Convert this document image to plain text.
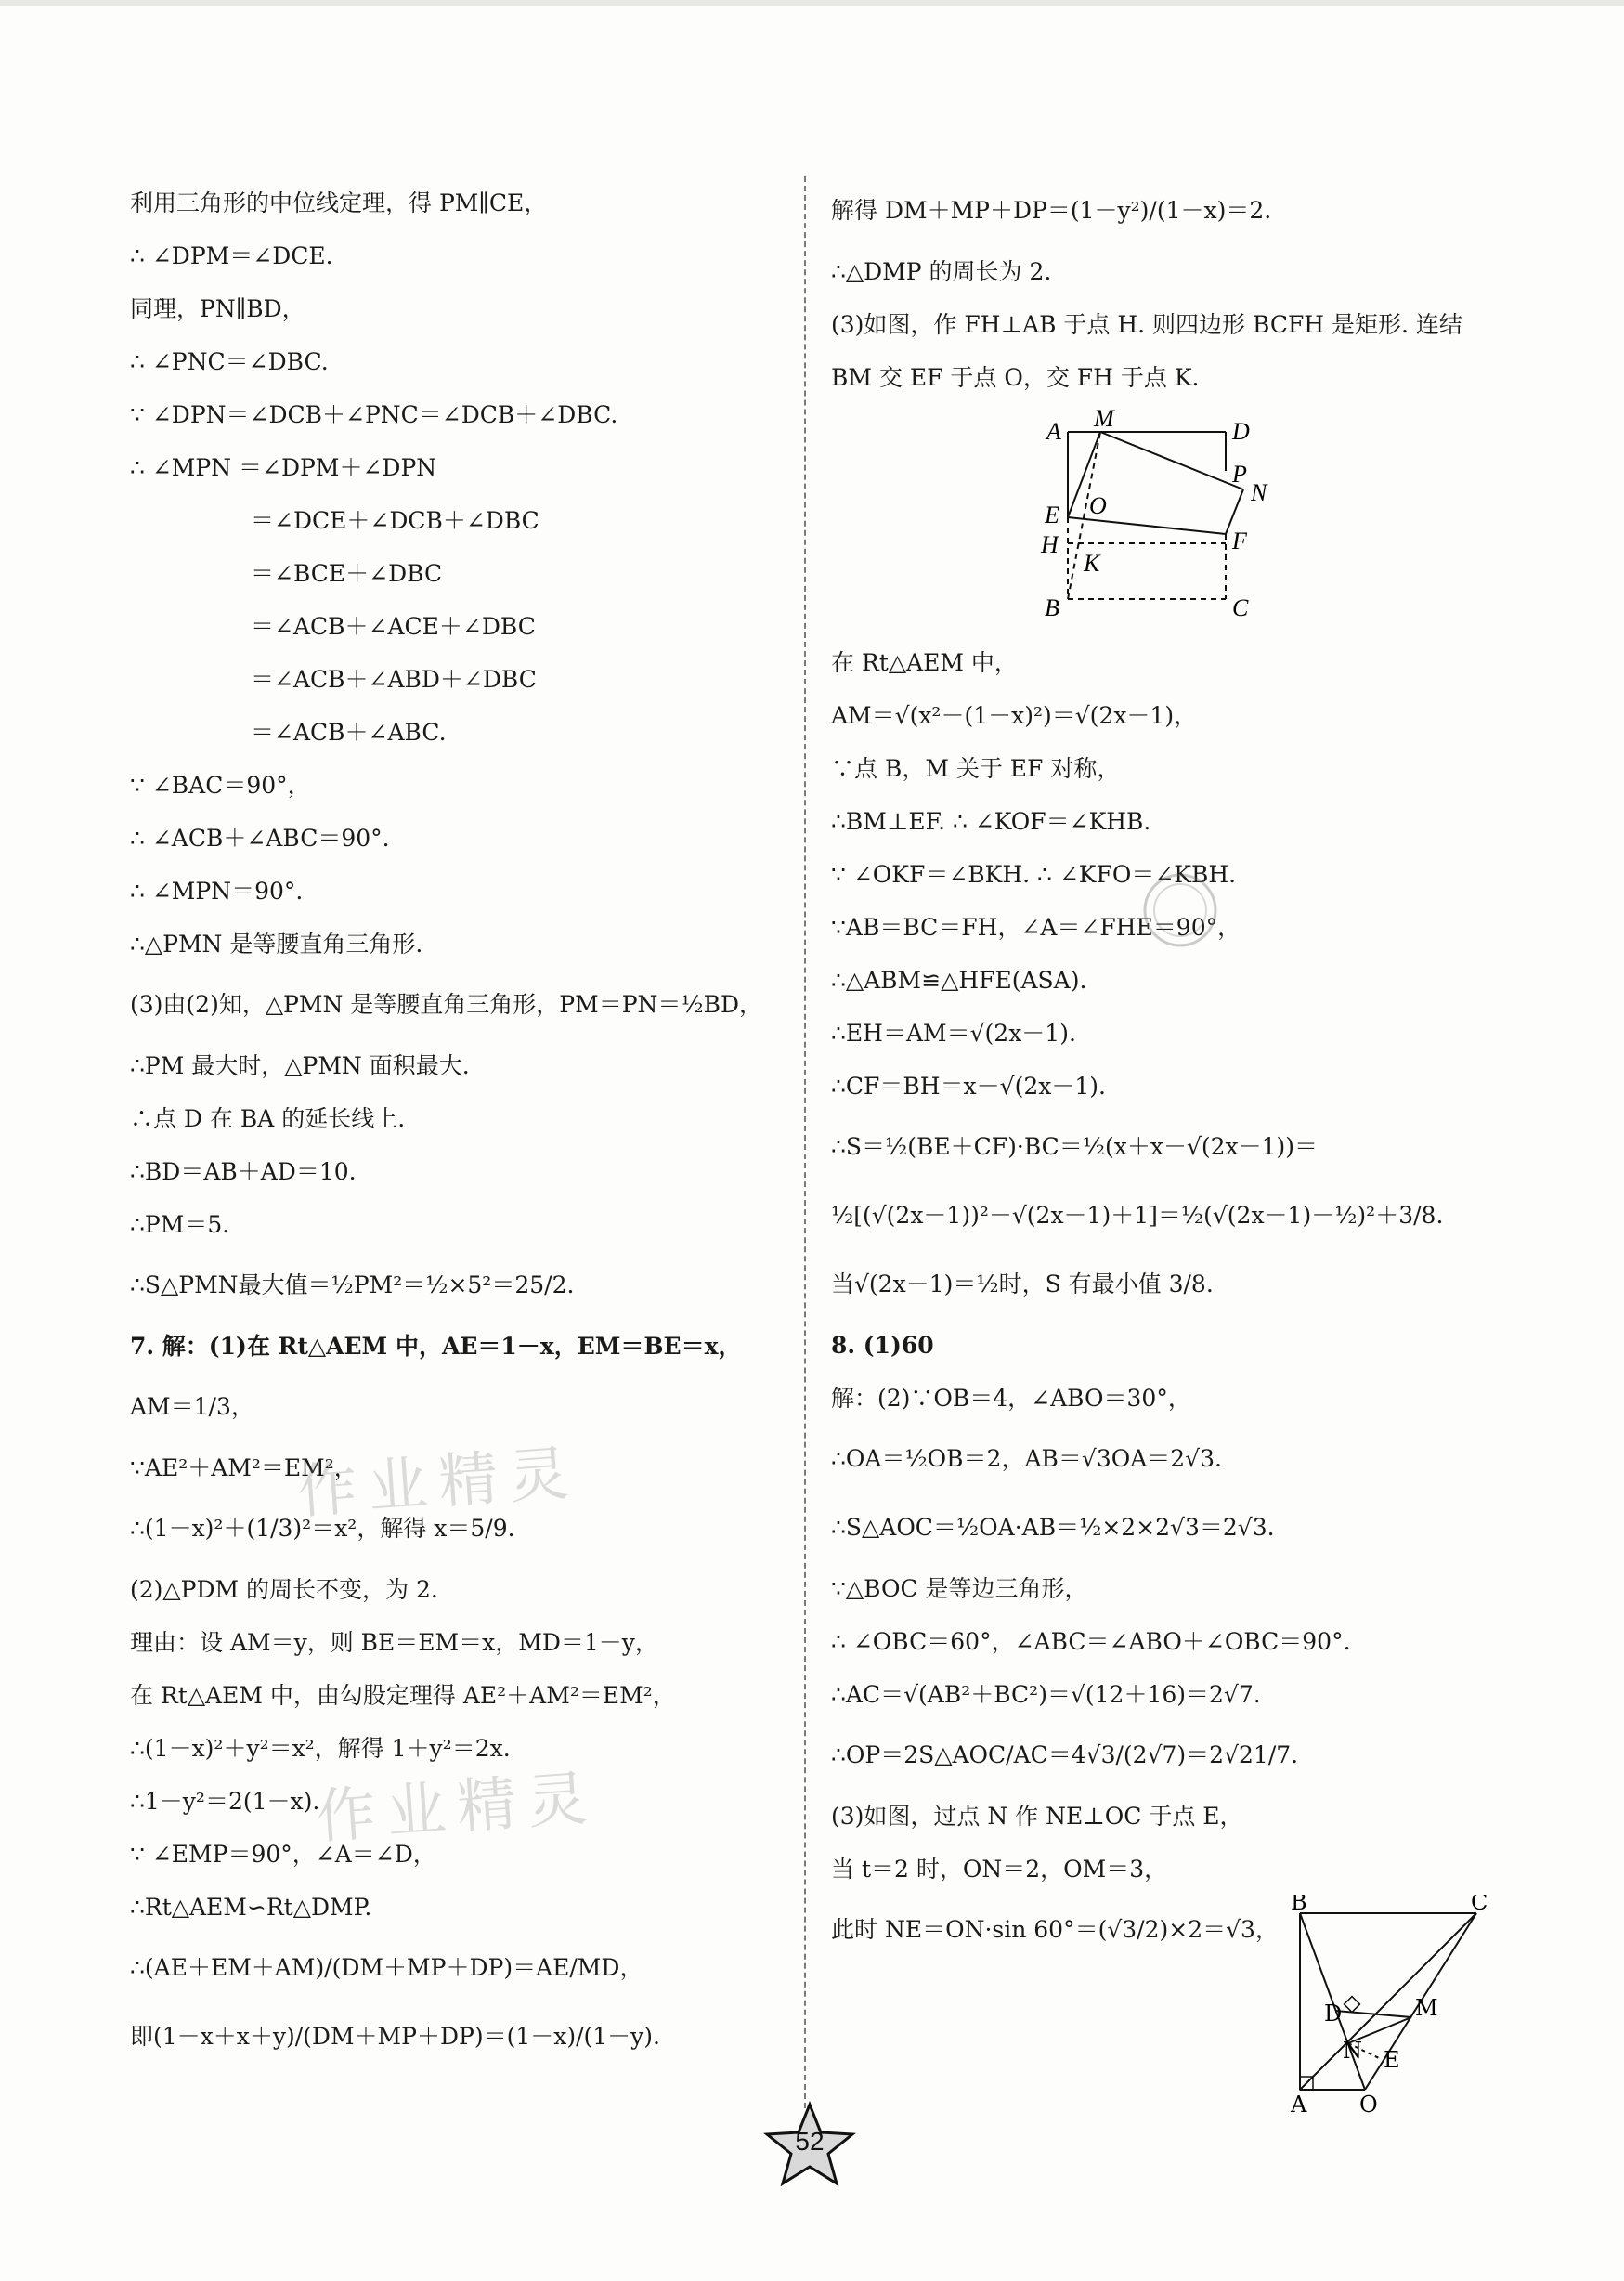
利用三角形的中位线定理，得 PM∥CE，
∴ ∠DPM＝∠DCE.
同理，PN∥BD，
∴ ∠PNC＝∠DBC.
∵ ∠DPN＝∠DCB＋∠PNC＝∠DCB＋∠DBC.
∴ ∠MPN ＝∠DPM＋∠DPN
＝∠DCE＋∠DCB＋∠DBC
＝∠BCE＋∠DBC
＝∠ACB＋∠ACE＋∠DBC
＝∠ACB＋∠ABD＋∠DBC
＝∠ACB＋∠ABC.
∵ ∠BAC＝90°，
∴ ∠ACB＋∠ABC＝90°.
∴ ∠MPN＝90°.
∴△PMN 是等腰直角三角形.
(3)由(2)知，△PMN 是等腰直角三角形，PM＝PN＝½BD，
∴PM 最大时，△PMN 面积最大.
∴点 D 在 BA 的延长线上.
∴BD＝AB＋AD＝10.
∴PM＝5.
∴S△PMN最大值＝½PM²＝½×5²＝25/2.
7. 解：(1)在 Rt△AEM 中，AE＝1－x，EM＝BE＝x，
AM＝1/3，
∵AE²＋AM²＝EM²，
∴(1－x)²＋(1/3)²＝x²，解得 x＝5/9.
(2)△PDM 的周长不变，为 2.
理由：设 AM＝y，则 BE＝EM＝x，MD＝1－y，
在 Rt△AEM 中，由勾股定理得 AE²＋AM²＝EM²，
∴(1－x)²＋y²＝x²，解得 1＋y²＝2x.
∴1－y²＝2(1－x).
∵ ∠EMP＝90°，∠A＝∠D，
∴Rt△AEM∽Rt△DMP.
∴(AE＋EM＋AM)/(DM＋MP＋DP)＝AE/MD，
即(1－x＋x＋y)/(DM＋MP＋DP)＝(1－x)/(1－y).
解得 DM＋MP＋DP＝(1－y²)/(1－x)＝2.
∴△DMP 的周长为 2.
(3)如图，作 FH⊥AB 于点 H. 则四边形 BCFH 是矩形. 连结
BM 交 EF 于点 O，交 FH 于点 K.
A M	D
P
N
E O
F
H
K
B	C
在 Rt△AEM 中，
AM＝√(x²－(1－x)²)＝√(2x－1)，
∵点 B，M 关于 EF 对称，
∴BM⊥EF. ∴ ∠KOF＝∠KHB.
∵ ∠OKF＝∠BKH. ∴ ∠KFO＝∠KBH.
∵AB＝BC＝FH，∠A＝∠FHE＝90°，
∴△ABM≌△HFE(ASA).
∴EH＝AM＝√(2x－1).
∴CF＝BH＝x－√(2x－1).
∴S＝½(BE＋CF)·BC＝½(x＋x－√(2x－1))＝
½[(√(2x－1))²－√(2x－1)＋1]＝½(√(2x－1)－½)²＋3/8.
当√(2x－1)＝½时，S 有最小值 3/8.
8. (1)60
解：(2)∵OB＝4，∠ABO＝30°，
∴OA＝½OB＝2，AB＝√3OA＝2√3.
∴S△AOC＝½OA·AB＝½×2×2√3＝2√3.
∵△BOC 是等边三角形，
∴ ∠OBC＝60°，∠ABC＝∠ABO＋∠OBC＝90°.
∴AC＝√(AB²＋BC²)＝√(12＋16)＝2√7.
∴OP＝2S△AOC/AC＝4√3/(2√7)＝2√21/7.
(3)如图，过点 N 作 NE⊥OC 于点 E，
当 t＝2 时，ON＝2，OM＝3，
此时 NE＝ON·sin 60°＝(√3/2)×2＝√3，
B	C
D	M
N E
A O
作业精灵
作业精灵
52
